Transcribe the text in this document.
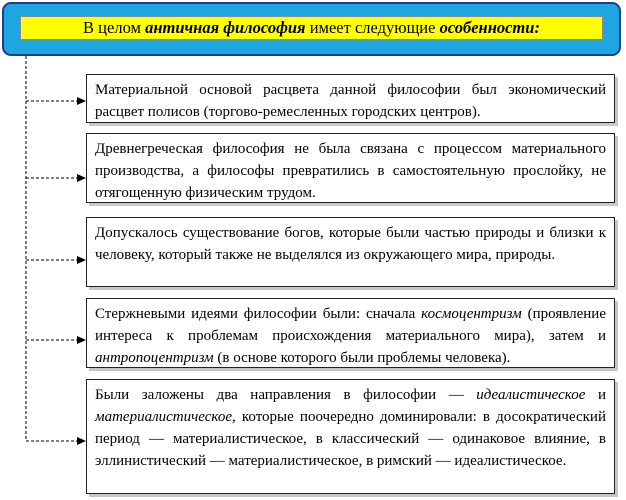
В целом
античная философия
имеет следующие
особенности:
Материальной основой расцвета данной философии был экономический расцвет полисов (торгово-ремесленных городских центров).
Древнегреческая философия не была связана с процессом материального производства, а философы превратились в самостоятельную прослойку, не отягощенную физическим трудом.
Допускалось существование богов, которые были частью природы и близки к человеку, который также не выделялся из окружающего мира, природы.
Стержневыми идеями философии были: сначала космоцентризм (проявление интереса к проблемам происхождения материального мира), затем и антропоцентризм (в основе которого были проблемы человека).
Были заложены два направления в философии — идеалистическое и материалистическое, которые поочередно доминировали: в досократический период — материалистическое, в классический — одинаковое влияние, в эллинистический — материалистическое, в римский — идеалистическое.
